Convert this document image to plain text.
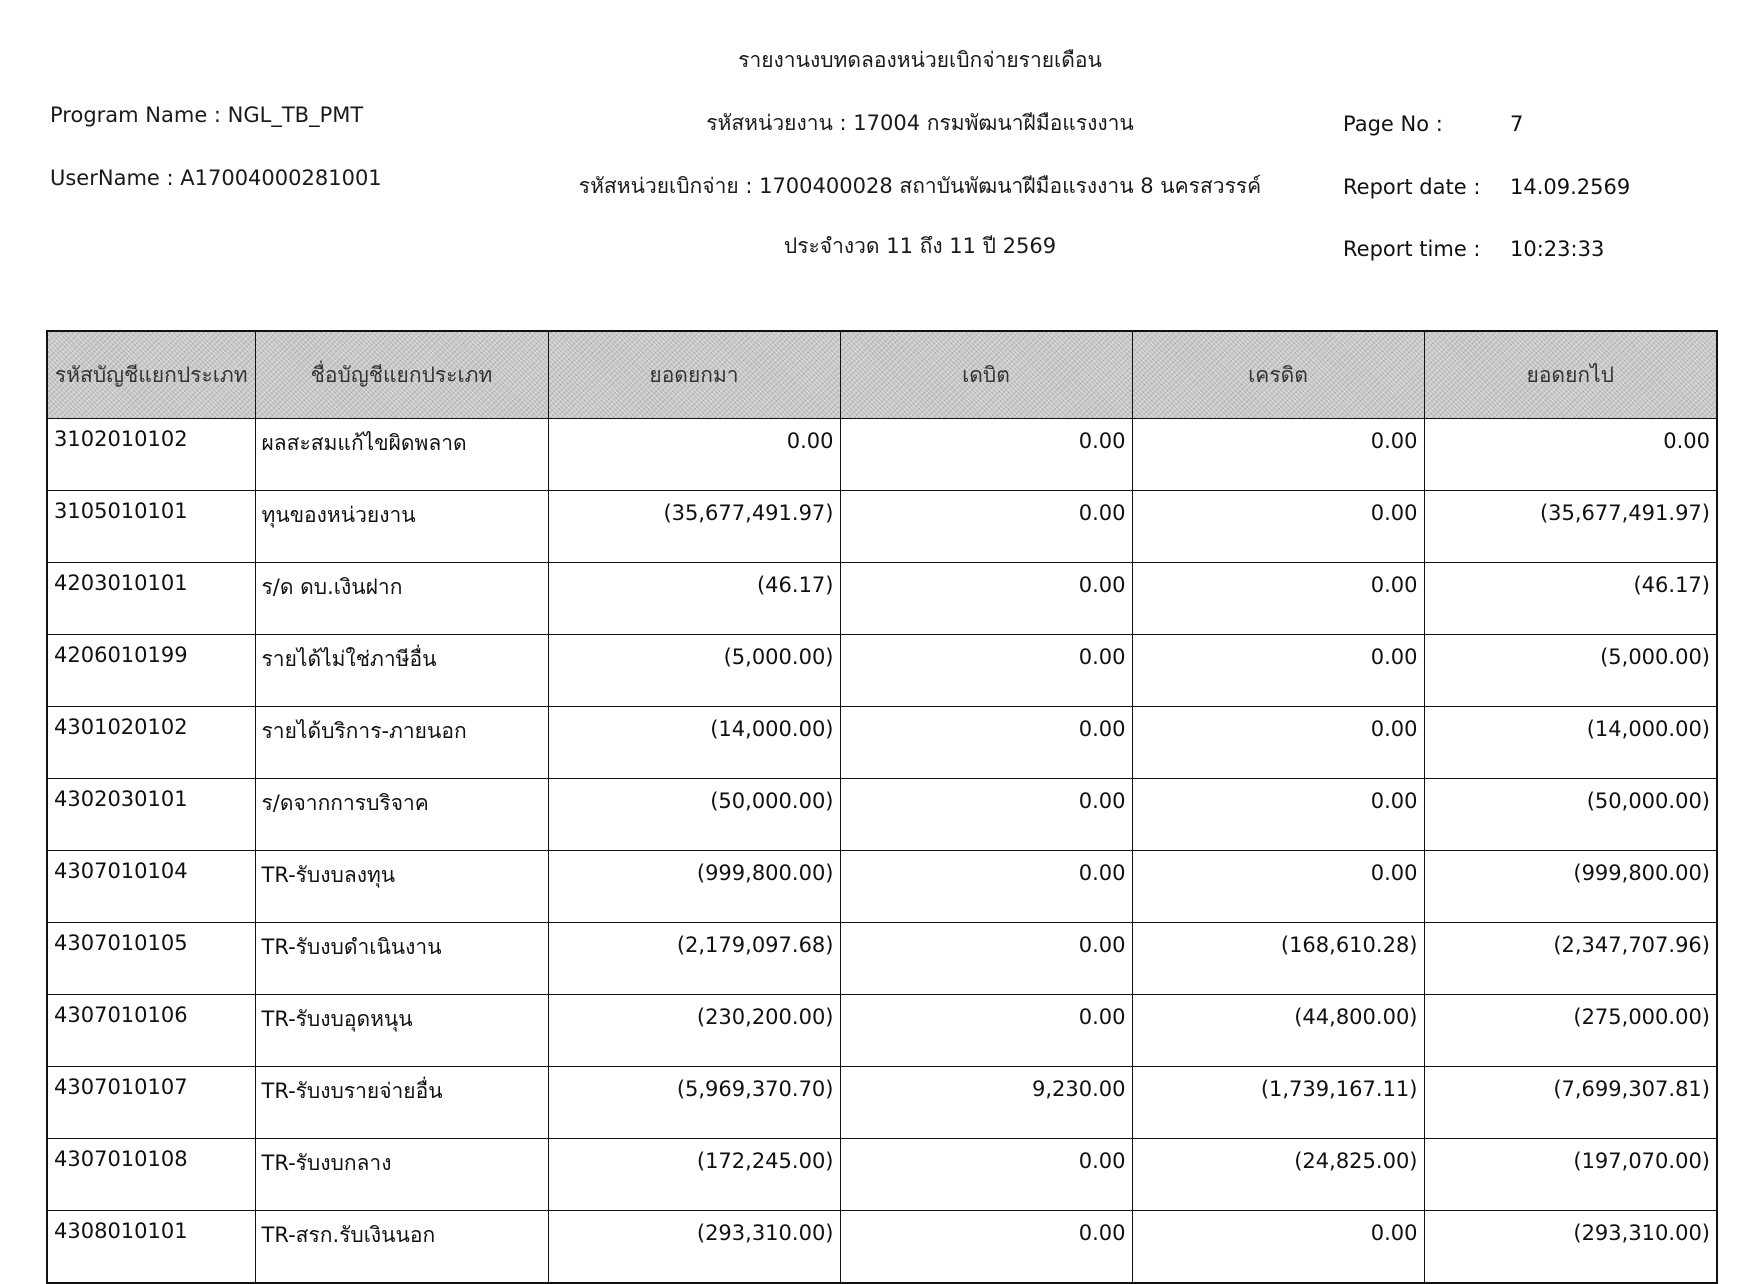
รายงานงบทดลองหน่วยเบิกจ่ายรายเดือน
Program Name : NGL_TB_PMT	รหัสหน่วยงาน : 17004 กรมพัฒนาฝีมือแรงงาน
UserName : A17004000281001	รหัสหน่วยเบิกจ่าย : 1700400028 สถาบันพัฒนาฝีมือแรงงาน 8 นครสวรรค์
ประจำงวด 11 ถึง 11 ปี 2569
Page No :	7
Report date : 14.09.2569
Report time : 10:23:33
รหัสบัญชีแยกประเภท	ชื่อบัญชีแยกประเภท	ยอดยกมา	เดบิต	เครดิต	ยอดยกไป
3102010102	ผลสะสมแก้ไขผิดพลาด	0.00	0.00	0.00	0.00
3105010101	ทุนของหน่วยงาน	(35,677,491.97)	0.00	0.00	(35,677,491.97)
4203010101	ร/ด ดบ.เงินฝาก	(46.17)	0.00	0.00	(46.17)
4206010199	รายได้ไม่ใช่ภาษีอื่น	(5,000.00)	0.00	0.00	(5,000.00)
4301020102	รายได้บริการ-ภายนอก	(14,000.00)	0.00	0.00	(14,000.00)
4302030101	ร/ดจากการบริจาค	(50,000.00)	0.00	0.00	(50,000.00)
4307010104	TR-รับงบลงทุน	(999,800.00)	0.00	0.00	(999,800.00)
4307010105	TR-รับงบดำเนินงาน	(2,179,097.68)	0.00	(168,610.28)	(2,347,707.96)
4307010106	TR-รับงบอุดหนุน	(230,200.00)	0.00	(44,800.00)	(275,000.00)
4307010107	TR-รับงบรายจ่ายอื่น	(5,969,370.70)	9,230.00	(1,739,167.11)	(7,699,307.81)
4307010108	TR-รับงบกลาง	(172,245.00)	0.00	(24,825.00)	(197,070.00)
4308010101	TR-สรก.รับเงินนอก	(293,310.00)	0.00	0.00	(293,310.00)
